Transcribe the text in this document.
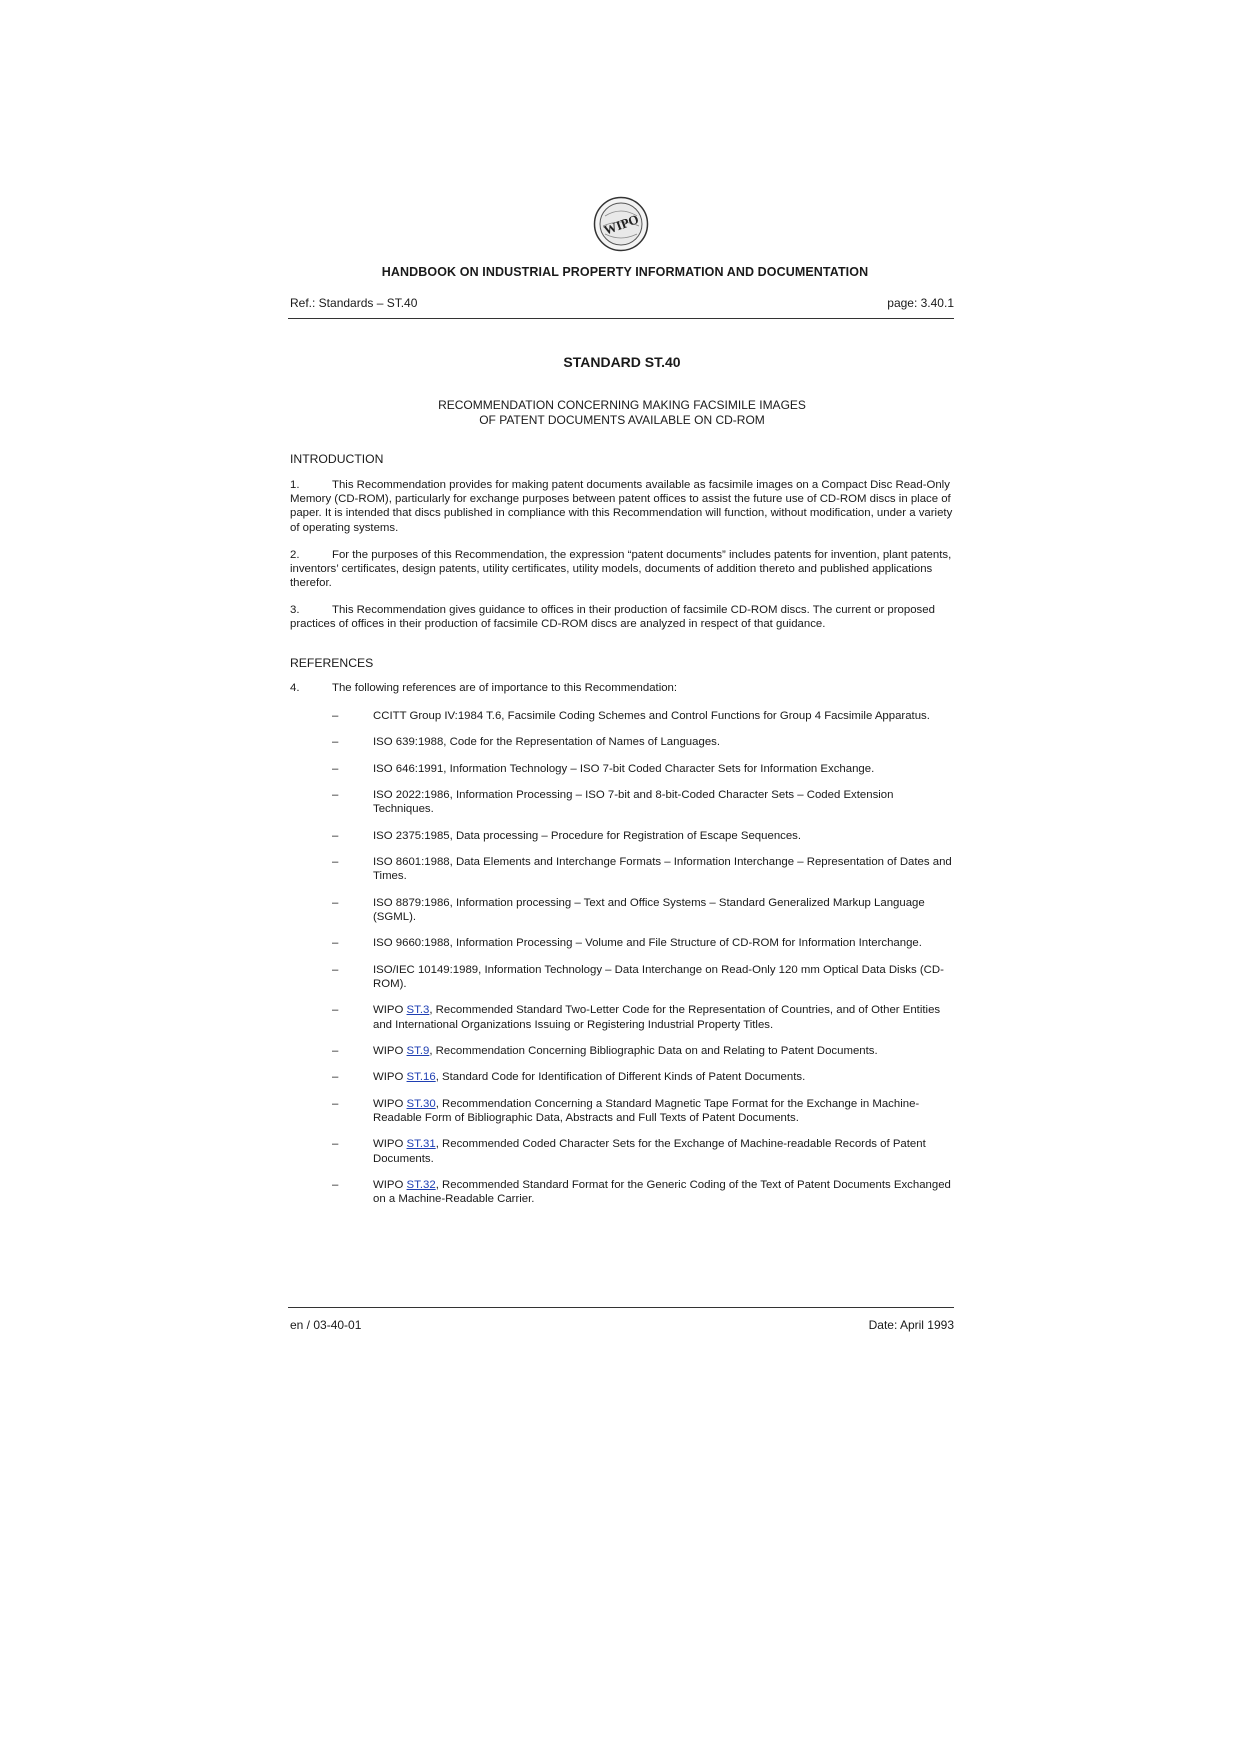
WIPO
HANDBOOK ON INDUSTRIAL PROPERTY INFORMATION AND DOCUMENTATION
Ref.: Standards – ST.40	page: 3.40.1
STANDARD ST.40
RECOMMENDATION CONCERNING MAKING FACSIMILE IMAGES
OF PATENT DOCUMENTS AVAILABLE ON CD-ROM
INTRODUCTION
1.	This Recommendation provides for making patent documents available as facsimile images on a Compact Disc Read-Only Memory (CD-ROM), particularly for exchange purposes between patent offices to assist the future use of CD-ROM discs in place of paper. It is intended that discs published in compliance with this Recommendation will function, without modification, under a variety of operating systems.
2.	For the purposes of this Recommendation, the expression “patent documents” includes patents for invention, plant patents, inventors’ certificates, design patents, utility certificates, utility models, documents of addition thereto and published applications therefor.
3.	This Recommendation gives guidance to offices in their production of facsimile CD-ROM discs. The current or proposed practices of offices in their production of facsimile CD-ROM discs are analyzed in respect of that guidance.
REFERENCES
4.	The following references are of importance to this Recommendation:
–	CCITT Group IV:1984 T.6, Facsimile Coding Schemes and Control Functions for Group 4 Facsimile Apparatus.
–	ISO 639:1988, Code for the Representation of Names of Languages.
–	ISO 646:1991, Information Technology – ISO 7-bit Coded Character Sets for Information Exchange.
–	ISO 2022:1986, Information Processing – ISO 7-bit and 8-bit-Coded Character Sets – Coded Extension Techniques.
–	ISO 2375:1985, Data processing – Procedure for Registration of Escape Sequences.
–	ISO 8601:1988, Data Elements and Interchange Formats – Information Interchange – Representation of Dates and Times.
–	ISO 8879:1986, Information processing – Text and Office Systems – Standard Generalized Markup Language (SGML).
–	ISO 9660:1988, Information Processing – Volume and File Structure of CD-ROM for Information Interchange.
–	ISO/IEC 10149:1989, Information Technology – Data Interchange on Read-Only 120 mm Optical Data Disks (CD-ROM).
–	WIPO ST.3, Recommended Standard Two-Letter Code for the Representation of Countries, and of Other Entities and International Organizations Issuing or Registering Industrial Property Titles.
–	WIPO ST.9, Recommendation Concerning Bibliographic Data on and Relating to Patent Documents.
–	WIPO ST.16, Standard Code for Identification of Different Kinds of Patent Documents.
–	WIPO ST.30, Recommendation Concerning a Standard Magnetic Tape Format for the Exchange in Machine-Readable Form of Bibliographic Data, Abstracts and Full Texts of Patent Documents.
–	WIPO ST.31, Recommended Coded Character Sets for the Exchange of Machine-readable Records of Patent Documents.
–	WIPO ST.32, Recommended Standard Format for the Generic Coding of the Text of Patent Documents Exchanged on a Machine-Readable Carrier.
en / 03-40-01	Date: April 1993
